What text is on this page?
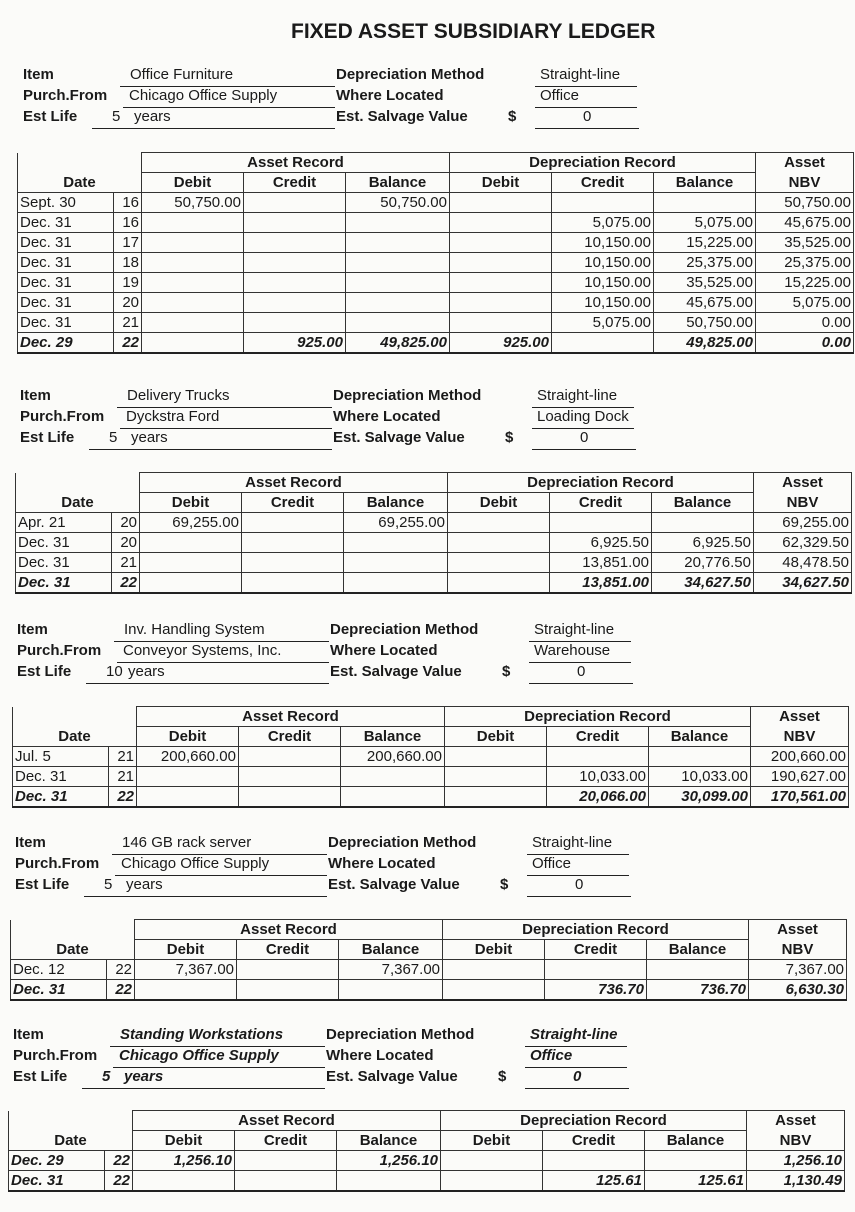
FIXED ASSET SUBSIDIARY LEDGER
Item	Office Furniture	Depreciation Method	Straight-line
Purch.From Chicago Office Supply	Where Located	Office
Est Life 5 years	Est. Salvage Value	$	0
		Asset Record			Depreciation Record			Asset
Date		Debit	Credit	Balance	Debit	Credit	Balance	NBV
Sept. 30	16	50,750.00		50,750.00				50,750.00
Dec. 31	16					5,075.00	5,075.00	45,675.00
Dec. 31	17					10,150.00	15,225.00	35,525.00
Dec. 31	18					10,150.00	25,375.00	25,375.00
Dec. 31	19					10,150.00	35,525.00	15,225.00
Dec. 31	20					10,150.00	45,675.00	5,075.00
Dec. 31	21					5,075.00	50,750.00	0.00
Dec. 29	22		925.00	49,825.00	925.00		49,825.00	0.00
Item	Delivery Trucks	Depreciation Method	Straight-line
Purch.From Dyckstra Ford	Where Located	Loading Dock
Est Life 5 years	Est. Salvage Value	$	0
		Asset Record			Depreciation Record			Asset
Date		Debit	Credit	Balance	Debit	Credit	Balance	NBV
Apr. 21	20	69,255.00		69,255.00				69,255.00
Dec. 31	20					6,925.50	6,925.50	62,329.50
Dec. 31	21					13,851.00	20,776.50	48,478.50
Dec. 31	22					13,851.00	34,627.50	34,627.50
Item	Inv. Handling System	Depreciation Method	Straight-line
Purch.From Conveyor Systems, Inc.	Where Located	Warehouse
Est Life 10 years	Est. Salvage Value	$	0
		Asset Record			Depreciation Record			Asset
Date		Debit	Credit	Balance	Debit	Credit	Balance	NBV
Jul. 5	21	200,660.00		200,660.00				200,660.00
Dec. 31	21					10,033.00	10,033.00	190,627.00
Dec. 31	22					20,066.00	30,099.00	170,561.00
Item	146 GB rack server	Depreciation Method	Straight-line
Purch.From Chicago Office Supply	Where Located	Office
Est Life 5 years	Est. Salvage Value	$	0
		Asset Record			Depreciation Record			Asset
Date		Debit	Credit	Balance	Debit	Credit	Balance	NBV
Dec. 12	22	7,367.00		7,367.00				7,367.00
Dec. 31	22					736.70	736.70	6,630.30
Item	Standing Workstations	Depreciation Method	Straight-line
Purch.From Chicago Office Supply	Where Located	Office
Est Life 5 years	Est. Salvage Value	$	0
		Asset Record			Depreciation Record			Asset
Date		Debit	Credit	Balance	Debit	Credit	Balance	NBV
Dec. 29	22	1,256.10		1,256.10				1,256.10
Dec. 31	22					125.61	125.61	1,130.49
